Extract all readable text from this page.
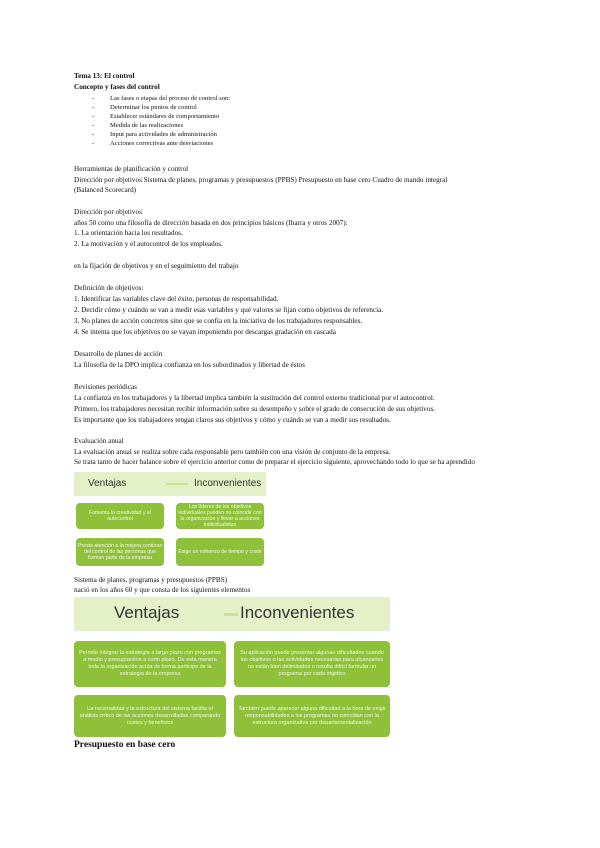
Tema 13: El control
Concepto y fases del control
- Las fases o etapas del proceso de control son:
- Determinar los puntos de control
- Establecer estándares de comportamiento
- Medida de las realizaciones
- Input para actividades de administración
- Acciones correctivas ante desviaciones
Herramientas de planificación y control
Dirección por objetivos Sistema de planes, programas y presupuestos (PPBS) Presupuesto en base cero Cuadro de mando integral
(Balanced Scorecard)
Dirección por objetivos
años 50 como una filosofía de dirección basada en dos principios básicos (Ibarra y otros 2007):
1. La orientación hacia los resultados.
2. La motivación y el autocontrol de los empleados.
en la fijación de objetivos y en el seguimiento del trabajo
Definición de objetivos:
1. Identificar las variables clave del éxito, personas de responsabilidad.
2. Decidir cómo y cuándo se van a medir esas variables y qué valores se fijan como objetivos de referencia.
3. No planes de acción concretos sino que se confía en la iniciativa de los trabajadores responsables.
4. Se intenta que los objetivos no se vayan imponiendo por descargas gradación en cascada
Desarrollo de planes de acción
La filosofía de la DPO implica confianza en los subordinados y libertad de éstos
Revisiones periódicas
La confianza en los trabajadores y la libertad implica también la sustitución del control externo tradicional por el autocontrol.
Primero, los trabajadores necesitan recibir información sobre su desempeño y sobre el grado de consecución de sus objetivos.
Es importante que los trabajadores tengan claros sus objetivos y cómo y cuándo se van a medir sus resultados.
Evaluación anual
La evaluación anual se realiza sobre cada responsable pero también con una visión de conjunto de la empresa.
Se trata tanto de hacer balance sobre el ejercicio anterior como de preparar el ejercicio siguiente, aprovechando todo lo que se ha aprendido
Ventajas	Inconvenientes
Fomenta la creatividad y el autocontrol
Los líderes de los objetivos individuales pueden no coincidir con la organización y llevar a acciones individualistas
Presta atención a la mejora continua del control de las personas que forman parte de la empresa
Exige un esfuerzo de tiempo y coste
Sistema de planes, programas y presupuestos (PPBS)
nació en los años 60 y que consta de los siguientes elementos
Ventajas	Inconvenientes
Permite integrar la estrategia a largo plazo con programas a medio y presupuestos a corto plazo. De esta manera toda la organización actúa de forma participe de la estrategia de la empresa
Su aplicación puede presentar algunas dificultades cuando los objetivos o las actividades necesarias para alcanzarlos no están bien delimitados o resulta difícil formular un programa por cada objetivo
La racionalidad y la estructura del sistema facilita el análisis crítico de las acciones desarrolladas comparando costes y beneficios
También puede aparecer alguna dificultad a la hora de exigir responsabilidades a los programas no coincidan con la estructura organizativa por departamentalización
Presupuesto en base cero
